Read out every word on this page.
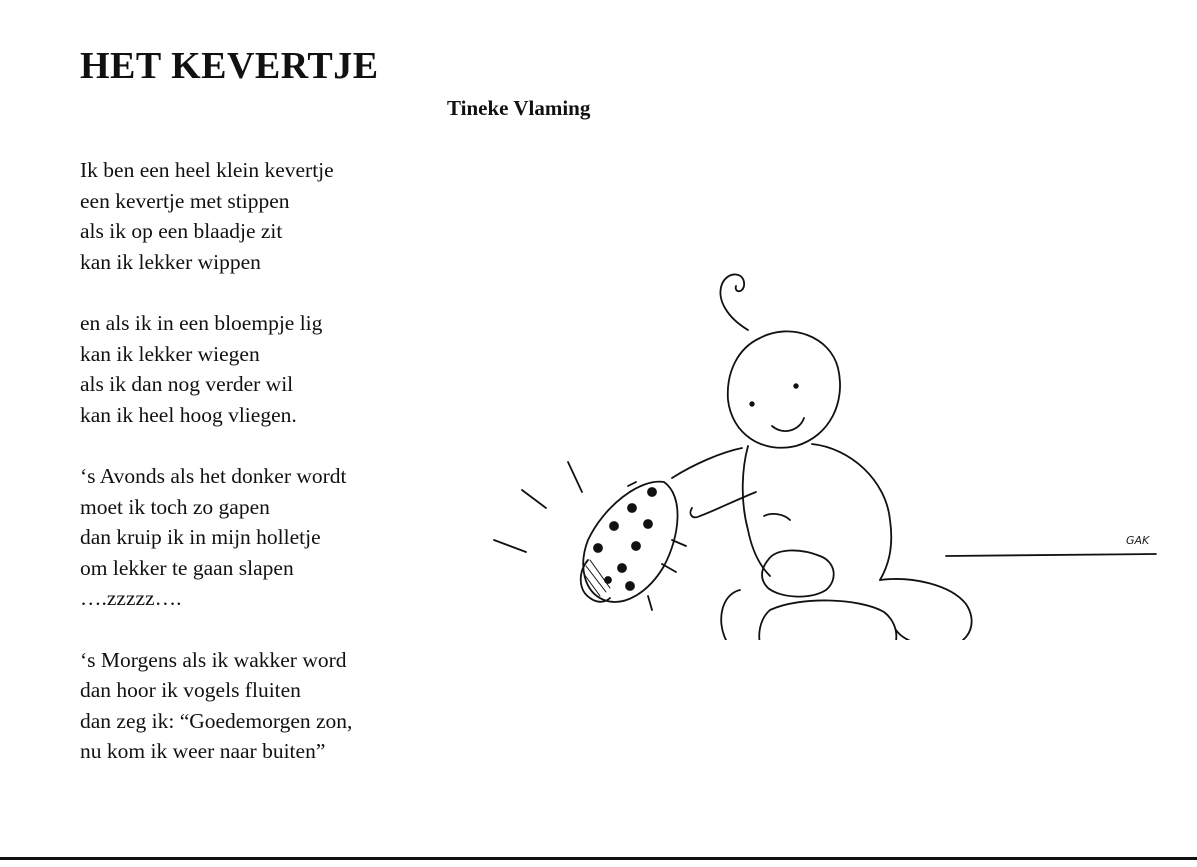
HET KEVERTJE

Tineke Vlaming

Ik ben een heel klein kevertje
een kevertje met stippen
als ik op een blaadje zit
kan ik lekker wippen

en als ik in een bloempje lig
kan ik lekker wiegen
als ik dan nog verder wil
kan ik heel hoog vliegen.

‘s Avonds als het donker wordt
moet ik toch zo gapen
dan kruip ik in mijn holletje
om lekker te gaan slapen
….zzzzz….

‘s Morgens als ik wakker word
dan hoor ik vogels fluiten
dan zeg ik: “Goedemorgen zon,
nu kom ik weer naar buiten”

GAK
